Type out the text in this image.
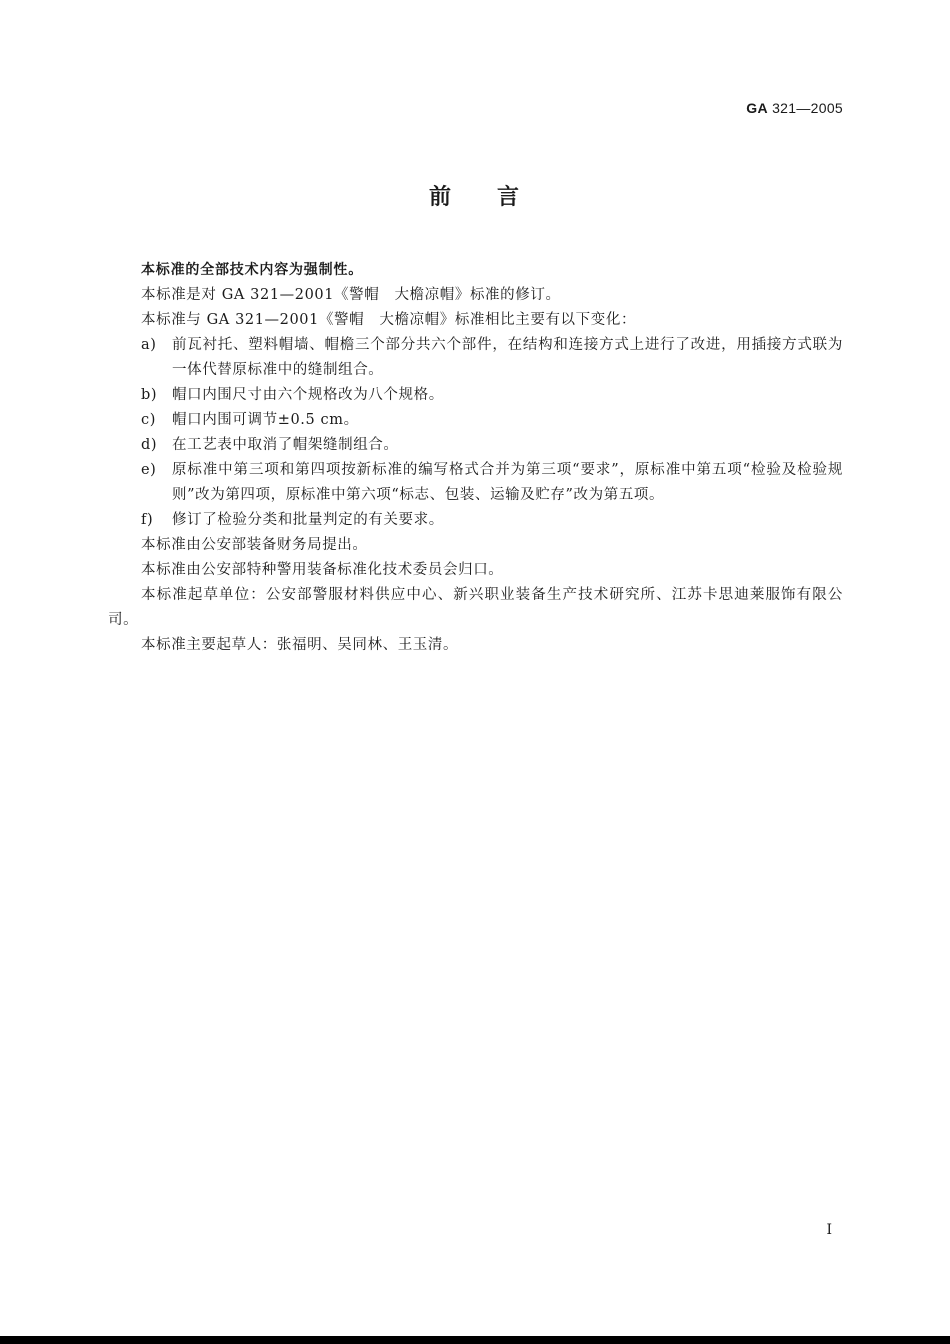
GA 321—2005
前 言

本标准的全部技术内容为强制性。

本标准是对 GA 321—2001《警帽　大檐凉帽》标准的修订。

本标准与 GA 321—2001《警帽　大檐凉帽》标准相比主要有以下变化：

a) 前瓦衬托、塑料帽墙、帽檐三个部分共六个部件，在结构和连接方式上进行了改进，用插接方式联为一体代替原标准中的缝制组合。

b) 帽口内围尺寸由六个规格改为八个规格。

c) 帽口内围可调节±0.5 cm。

d) 在工艺表中取消了帽架缝制组合。

e) 原标准中第三项和第四项按新标准的编写格式合并为第三项“要求”，原标准中第五项“检验及检验规则”改为第四项，原标准中第六项“标志、包装、运输及贮存”改为第五项。

f) 修订了检验分类和批量判定的有关要求。

本标准由公安部装备财务局提出。

本标准由公安部特种警用装备标准化技术委员会归口。

本标准起草单位：公安部警服材料供应中心、新兴职业装备生产技术研究所、江苏卡思迪莱服饰有限公司。

本标准主要起草人：张福明、吴同林、王玉清。

I
